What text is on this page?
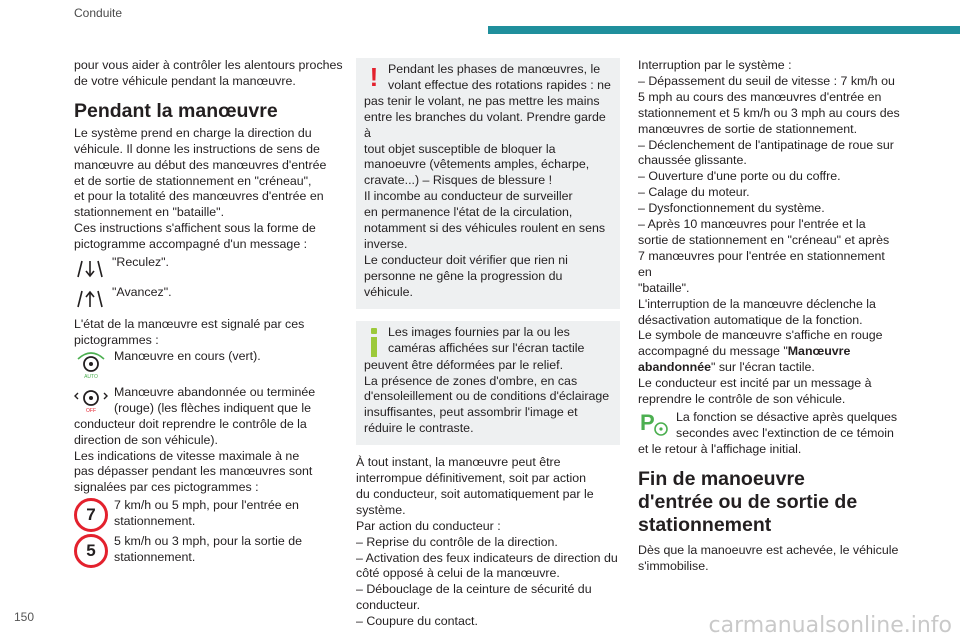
Conduite

pour vous aider à contrôler les alentours proches
de votre véhicule pendant la manœuvre.

Pendant la manœuvre

Le système prend en charge la direction du
véhicule. Il donne les instructions de sens de
manœuvre au début des manœuvres d'entrée
et de sortie de stationnement en "créneau",
et pour la totalité des manœuvres d'entrée en
stationnement en "bataille".
Ces instructions s'affichent sous la forme de
pictogramme accompagné d'un message :

"Reculez".
"Avancez".

L'état de la manœuvre est signalé par ces
pictogrammes :

AUTO
Manœuvre en cours (vert).
OFF
Manœuvre abandonnée ou terminée
(rouge) (les flèches indiquent que le

conducteur doit reprendre le contrôle de la
direction de son véhicule).
Les indications de vitesse maximale à ne
pas dépasser pendant les manœuvres sont
signalées par ces pictogrammes :

7
7 km/h ou 5 mph, pour l'entrée en
stationnement.
5
5 km/h ou 3 mph, pour la sortie de
stationnement.
! Pendant les phases de manœuvres, le
volant effectue des rotations rapides : ne

pas tenir le volant, ne pas mettre les mains
entre les branches du volant. Prendre garde à
tout objet susceptible de bloquer la
manoeuvre (vêtements amples, écharpe,
cravate...) – Risques de blessure !
Il incombe au conducteur de surveiller
en permanence l'état de la circulation,
notamment si des véhicules roulent en sens
inverse.
Le conducteur doit vérifier que rien ni
personne ne gêne la progression du véhicule.

Les images fournies par la ou les
caméras affichées sur l'écran tactile

peuvent être déformées par le relief.
La présence de zones d'ombre, en cas
d'ensoleillement ou de conditions d'éclairage
insuffisantes, peut assombrir l'image et
réduire le contraste.

À tout instant, la manœuvre peut être
interrompue définitivement, soit par action
du conducteur, soit automatiquement par le
système.
Par action du conducteur :
– Reprise du contrôle de la direction.
– Activation des feux indicateurs de direction du
côté opposé à celui de la manœuvre.
– Débouclage de la ceinture de sécurité du
conducteur.
– Coupure du contact.

Interruption par le système :
– Dépassement du seuil de vitesse : 7 km/h ou
5 mph au cours des manœuvres d'entrée en
stationnement et 5 km/h ou 3 mph au cours des
manœuvres de sortie de stationnement.
– Déclenchement de l'antipatinage de roue sur
chaussée glissante.
– Ouverture d'une porte ou du coffre.
– Calage du moteur.
– Dysfonctionnement du système.
– Après 10 manœuvres pour l'entrée et la
sortie de stationnement en "créneau" et après
7 manœuvres pour l'entrée en stationnement en
"bataille".
L'interruption de la manœuvre déclenche la
désactivation automatique de la fonction.
Le symbole de manœuvre s'affiche en rouge
accompagné du message "Manœuvre
abandonnée" sur l'écran tactile.
Le conducteur est incité par un message à
reprendre le contrôle de son véhicule.

P La fonction se désactive après quelques
secondes avec l'extinction de ce témoin

et le retour à l'affichage initial.

Fin de manoeuvre
d'entrée ou de sortie de
stationnement

Dès que la manoeuvre est achevée, le véhicule
s'immobilise.

150	carmanualsonline.info
